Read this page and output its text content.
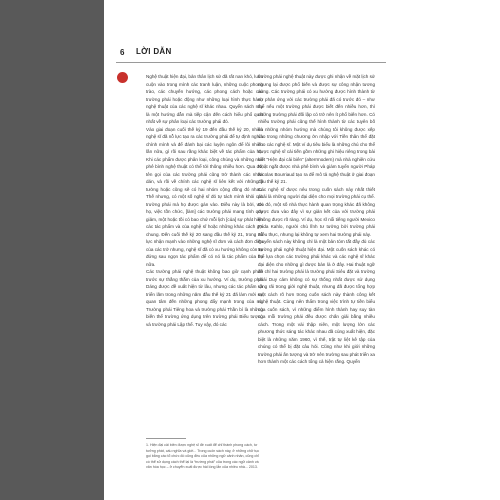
6 LỜI DẪN

Nghệ thuật hiện đại, bản thân lịch sử đã rất nan khó, luôn cuộn vào trong mình các tranh luận, những cuộc phong trào, các chuyến hướng, các phong cách hoặc các trường phái hoặc động như những loại hình thực hành nghệ thuật của các nghệ sĩ khác nhau. Quyển sách này là một hướng dẫn mà tiếp cận đến cách hiểu phổ quát nhất về sự phân loại các trường phái đó.

Vào giai đoạn cuối thế kỷ 19 đến đầu thế kỷ 20, nhiều nghệ sĩ đã nỗ lực tạo ra các trường phái để tự định nghĩa chính mình và để đánh bại các luyện ngôn để lôi nhiều lần nữa, gì rồi sau rằng khác biệt về tác phẩm của họ. Khi các phẩm được phân loại, công chúng và những nhà phê bình nghệ thuật có thể tới thông nhiều hơn. Qua đó, tên gọi của các trường phái cũng trở thành các nhãn dán, và rồi về chính các nghệ sĩ liên kết với những ý tưởng hoặc cũng sẽ có hai nhóm cộng đồng đó nhau. Thế nhưng, có một số nghệ sĩ đó tự tách mình khỏi các trường phái mà họ được gán vào. Điều này là bởi, với họ, việc tồn chức, [làm] các trường phái mang tính quy giảm, một hoặc tồi có bao chứ mỗi lịch [của] sự phát hiện các tác phẩm và của nghệ sĩ hoặc những khác cách gọi chung. Đến cuối thế kỷ 20 sang đầu thế kỷ 21, trong nỗ lực nhận mạnh vào những nghệ sĩ đơn và cách đơn điệu của các trở nhưng, nghệ sĩ đã có xu hướng không còn tự đứng sau ngọn tác phẩm để có nó là tác phẩm của họ nữa.

Các trường phái nghệ thuật không bao giờ cạnh phân trước sự thắng thắm của xu hướng. Ví dụ, trường phái Dáng được đề xuất hiện từ lâu, nhưng các tác phẩm và triển lãm trong những năm đầu thế kỷ 21 đã làm mới sự quan tâm đến những phong đẩy mạnh trong của nó. Trường phái Tiêng hoa và trường phái Thần bí là những biến thể trường ứng dụng trên trường phái Biểu tượng và trường phái Lập thể. Tuy vậy, đó các

trường phái nghệ thuật này được ghi nhận về mặt lịch sử nhưng lại được phổ biến và được sự công nhận tương xứng. Các trường phái có xu hướng được hình thành từ sự phản ứng với các trường phái đã có trước đó – như thể nếu một trường phái được biết đến nhiều hơn, thì những trường phái đối lập có trở nên ít phổ biến hơn. Có nhiều trường phái cũng thế hình thành từ các tuyên bố và những nhóm hướng mà chúng tôi không được xếp vào trong những chương ởn nhập với Tiền thân thể đặt cho các nghệ sĩ. Một ví dụ tiêu biểu là những chú cho thể được nghệ sĩ cải tiến gồm những ghi hiệu riêng trong bài viết “Hiện đại cải biên” (alterrmodern) mà nhà nghiên cứu Nhật ngắt được nhà phê bình và giám tuyển người Pháp Nicolas Bourriaud tạo ra để mô tả nghệ thuật ở giai đoạn đầu thế kỷ 21.

Các nghệ sĩ được nêu trong cuốn sách này nhất thiết phải là những người đại diện cho mọi trường phái cụ thể. Do đó, một số nhà thực hành quan trọng khác đã không được đưa vào đây vì sự giản kết của với trường phái không được rõ ràng. Ví dụ, học sĩ nổi tiếng người Mexico Frida Kahlo, người chủ lĩnh tư tưởng bởi trường phái Siêu thực, nhưng lại không tự xem hai trường phái này.

Quyển sách này không chỉ là một bản tóm tắt đầy đủ các trường phái nghệ thuật hiện đại. Một cuốn sách khác có thể lựa chọn các trường phái khác và các nghệ sĩ khác đại diện cho những gì được bàn là ở đây. Hai thuật ngữ đề chỉ hai trường phái là trường phái Siêu đặt và trường phái Duy cảm không có sự thống nhất được sử dụng rộng rãi trong giới nghệ thuật, nhưng đã được tổng hợp một cách rõ hơn trong cuốn sách này thành công kết nghệ thuật. Cùng nên thẩm trong việc trình tự tiền biểu của cuốn sách, vì những điểm hình thành hay suy tàn của mỗi trường phái đều được chấn giải bằng nhiều cách. Trong một vài thập niên, một lượng lớn các phương thức sáng tác khác nhau đã cùng xuất hiện, đặc biệt là những năm 1960, vì thế, trật tự liệt kê tập của chúng có thể bị đặt câu hỏi. Cũng như khi giới những trường phái ấn tượng và trở nên trường sau phát triển xa hơn thành một các cách tổng cả hiện rằng. Quyển

1. Hiện đại cải biên được nghệ sĩ đề xuất để chỉ thành phong cách, tư tưởng phát, cấu nghĩa và giới... Trong cuốn sách này, ở những chữ tục gọi bằng các tổ chức đó cũng đều của những ngữ cảnh nhân, cũng chỉ có thể sử dụng cách thể lại là “trường phái” của trong các ngữ cảnh và văn hóa học – ở chuyển xuất được hài lòng lẫn của nhiều nhà... 2013.
